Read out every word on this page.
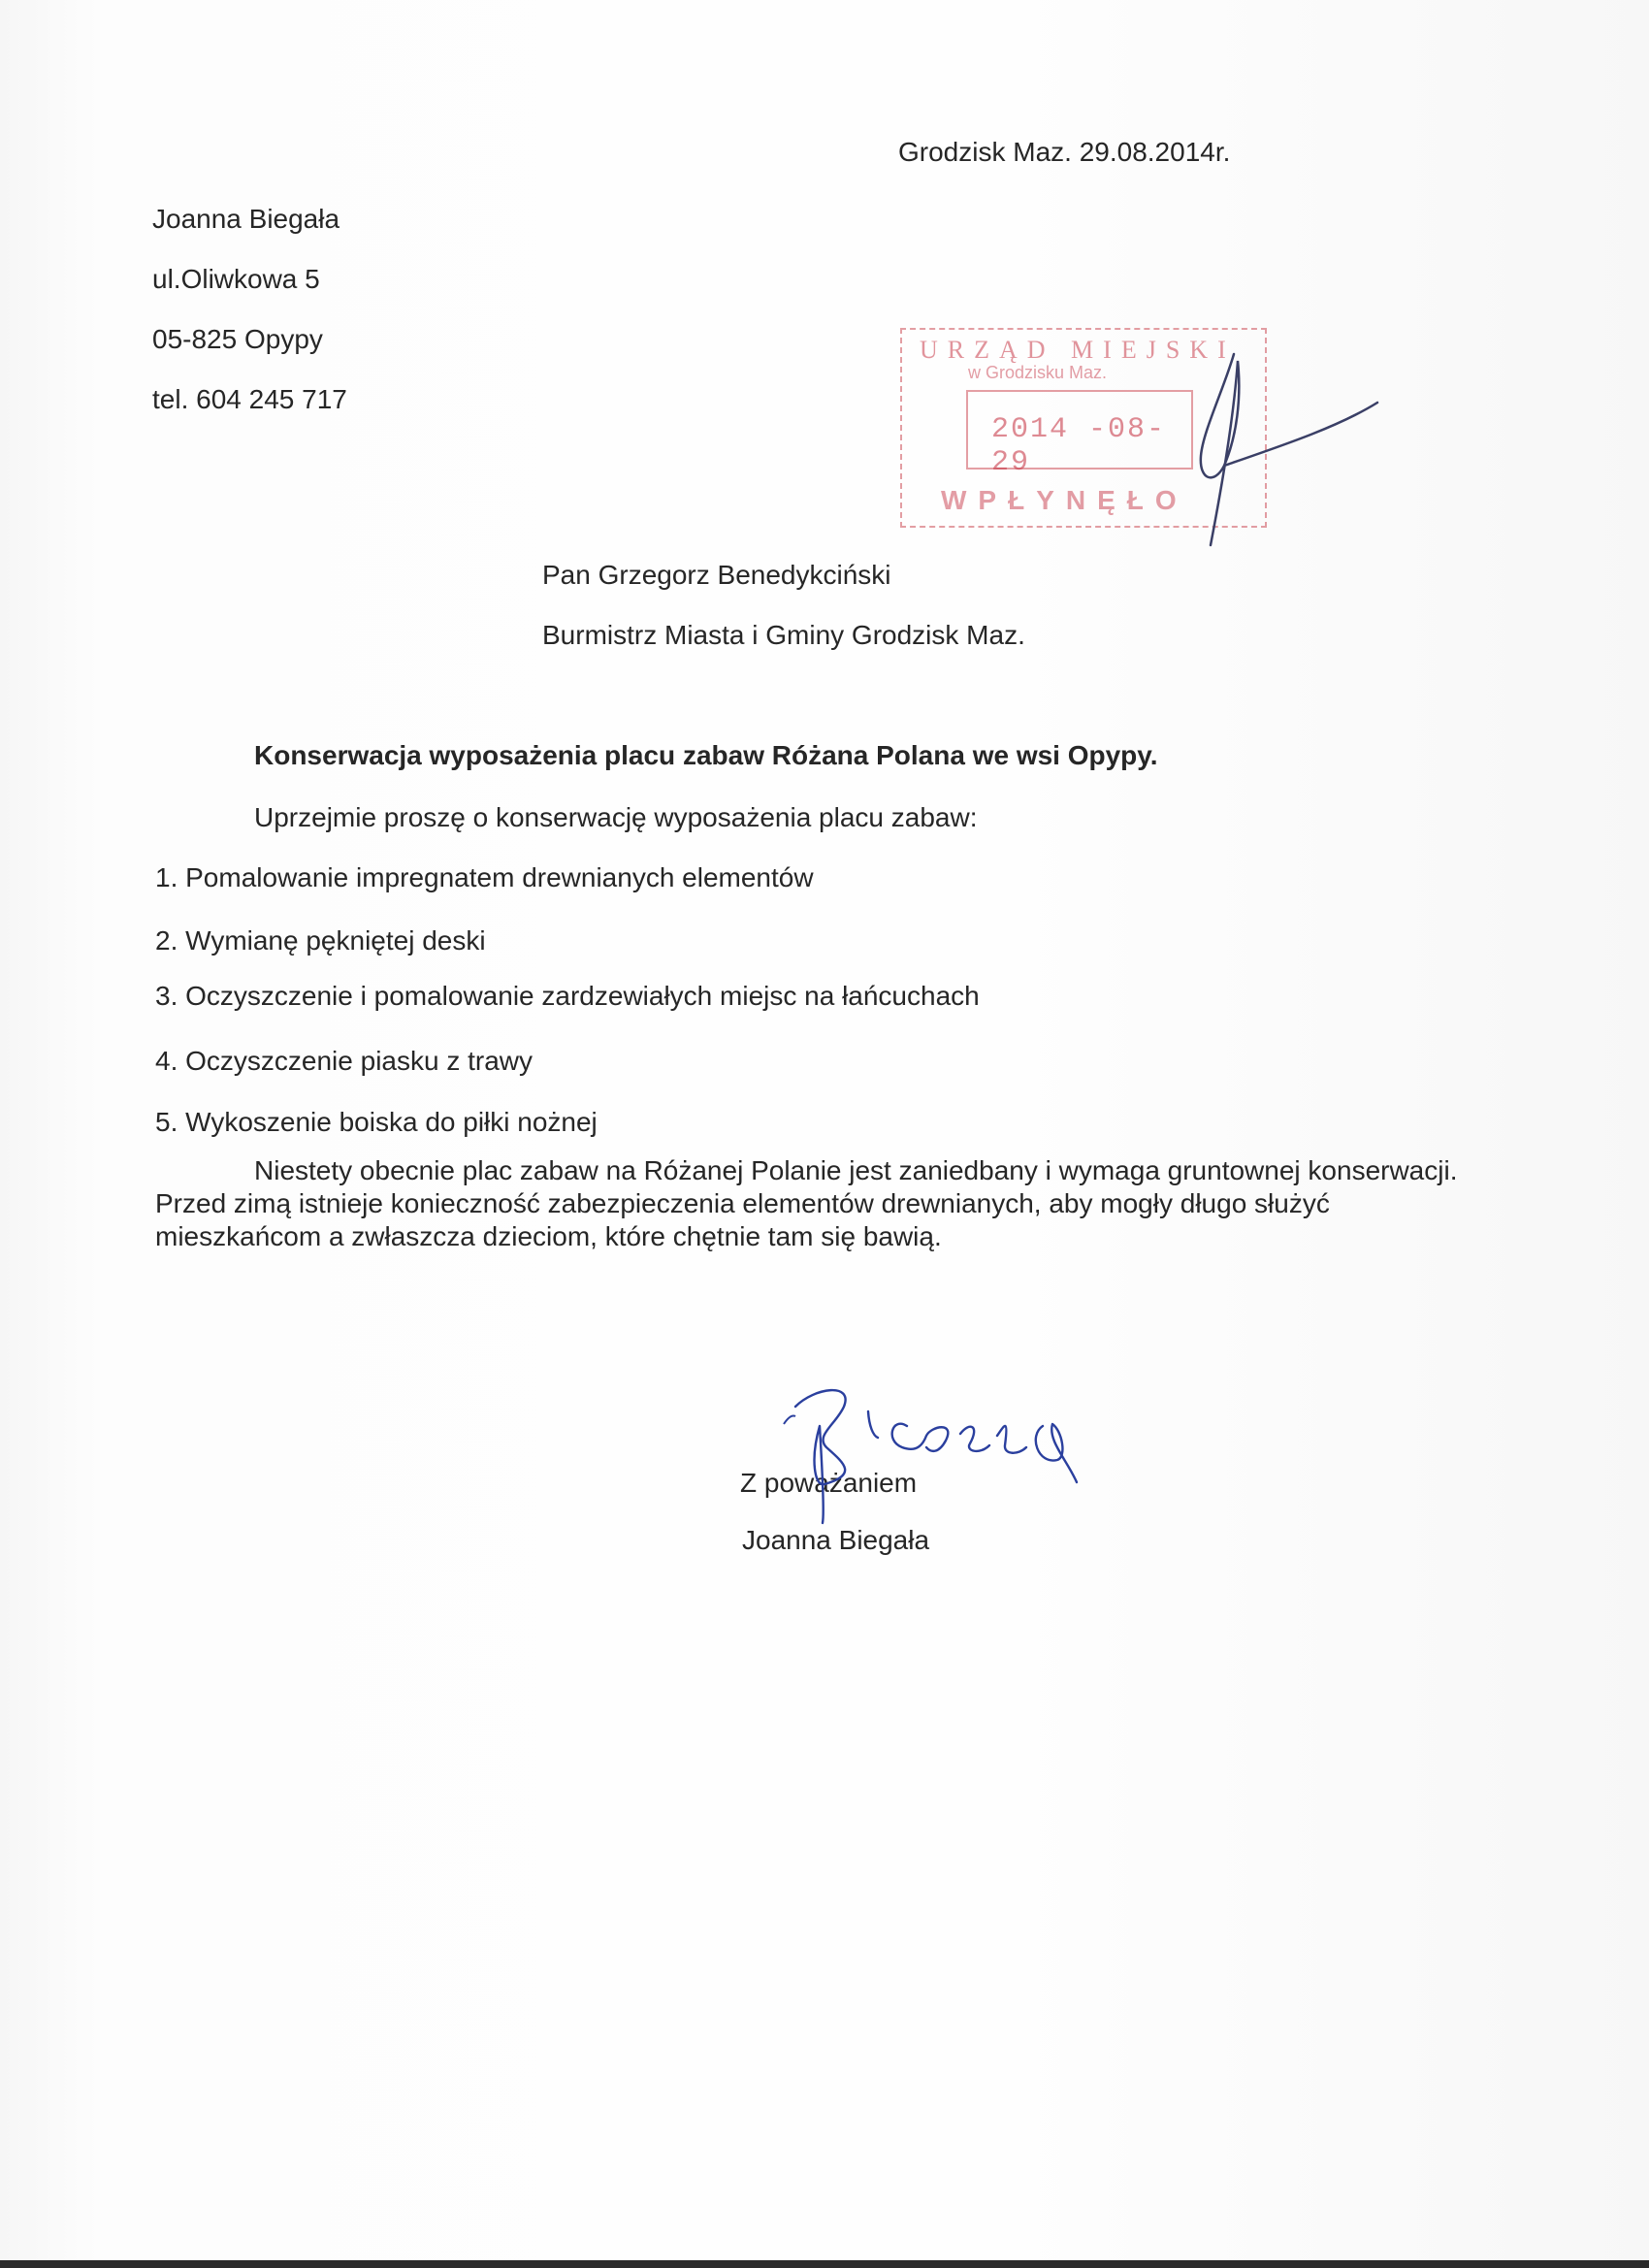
Grodzisk Maz. 29.08.2014r.
Joanna Biegała
ul.Oliwkowa 5
05-825 Opypy
tel. 604 245 717
URZĄD MIEJSKI
w Grodzisku Maz.
2014 -08- 29
WPŁYNĘŁO
Pan Grzegorz Benedykciński
Burmistrz Miasta i Gminy Grodzisk Maz.
Konserwacja wyposażenia placu zabaw Różana Polana we wsi Opypy.
Uprzejmie proszę o konserwację wyposażenia placu zabaw:
1. Pomalowanie impregnatem drewnianych elementów
2. Wymianę pękniętej deski
3. Oczyszczenie i pomalowanie zardzewiałych miejsc na łańcuchach
4. Oczyszczenie piasku z trawy
5. Wykoszenie boiska do piłki nożnej
Niestety obecnie plac zabaw na Różanej Polanie jest zaniedbany i wymaga gruntownej konserwacji. Przed zimą istnieje konieczność zabezpieczenia elementów drewnianych, aby mogły długo służyć mieszkańcom a zwłaszcza dzieciom, które chętnie tam się bawią.
Z poważaniem
Joanna Biegała
